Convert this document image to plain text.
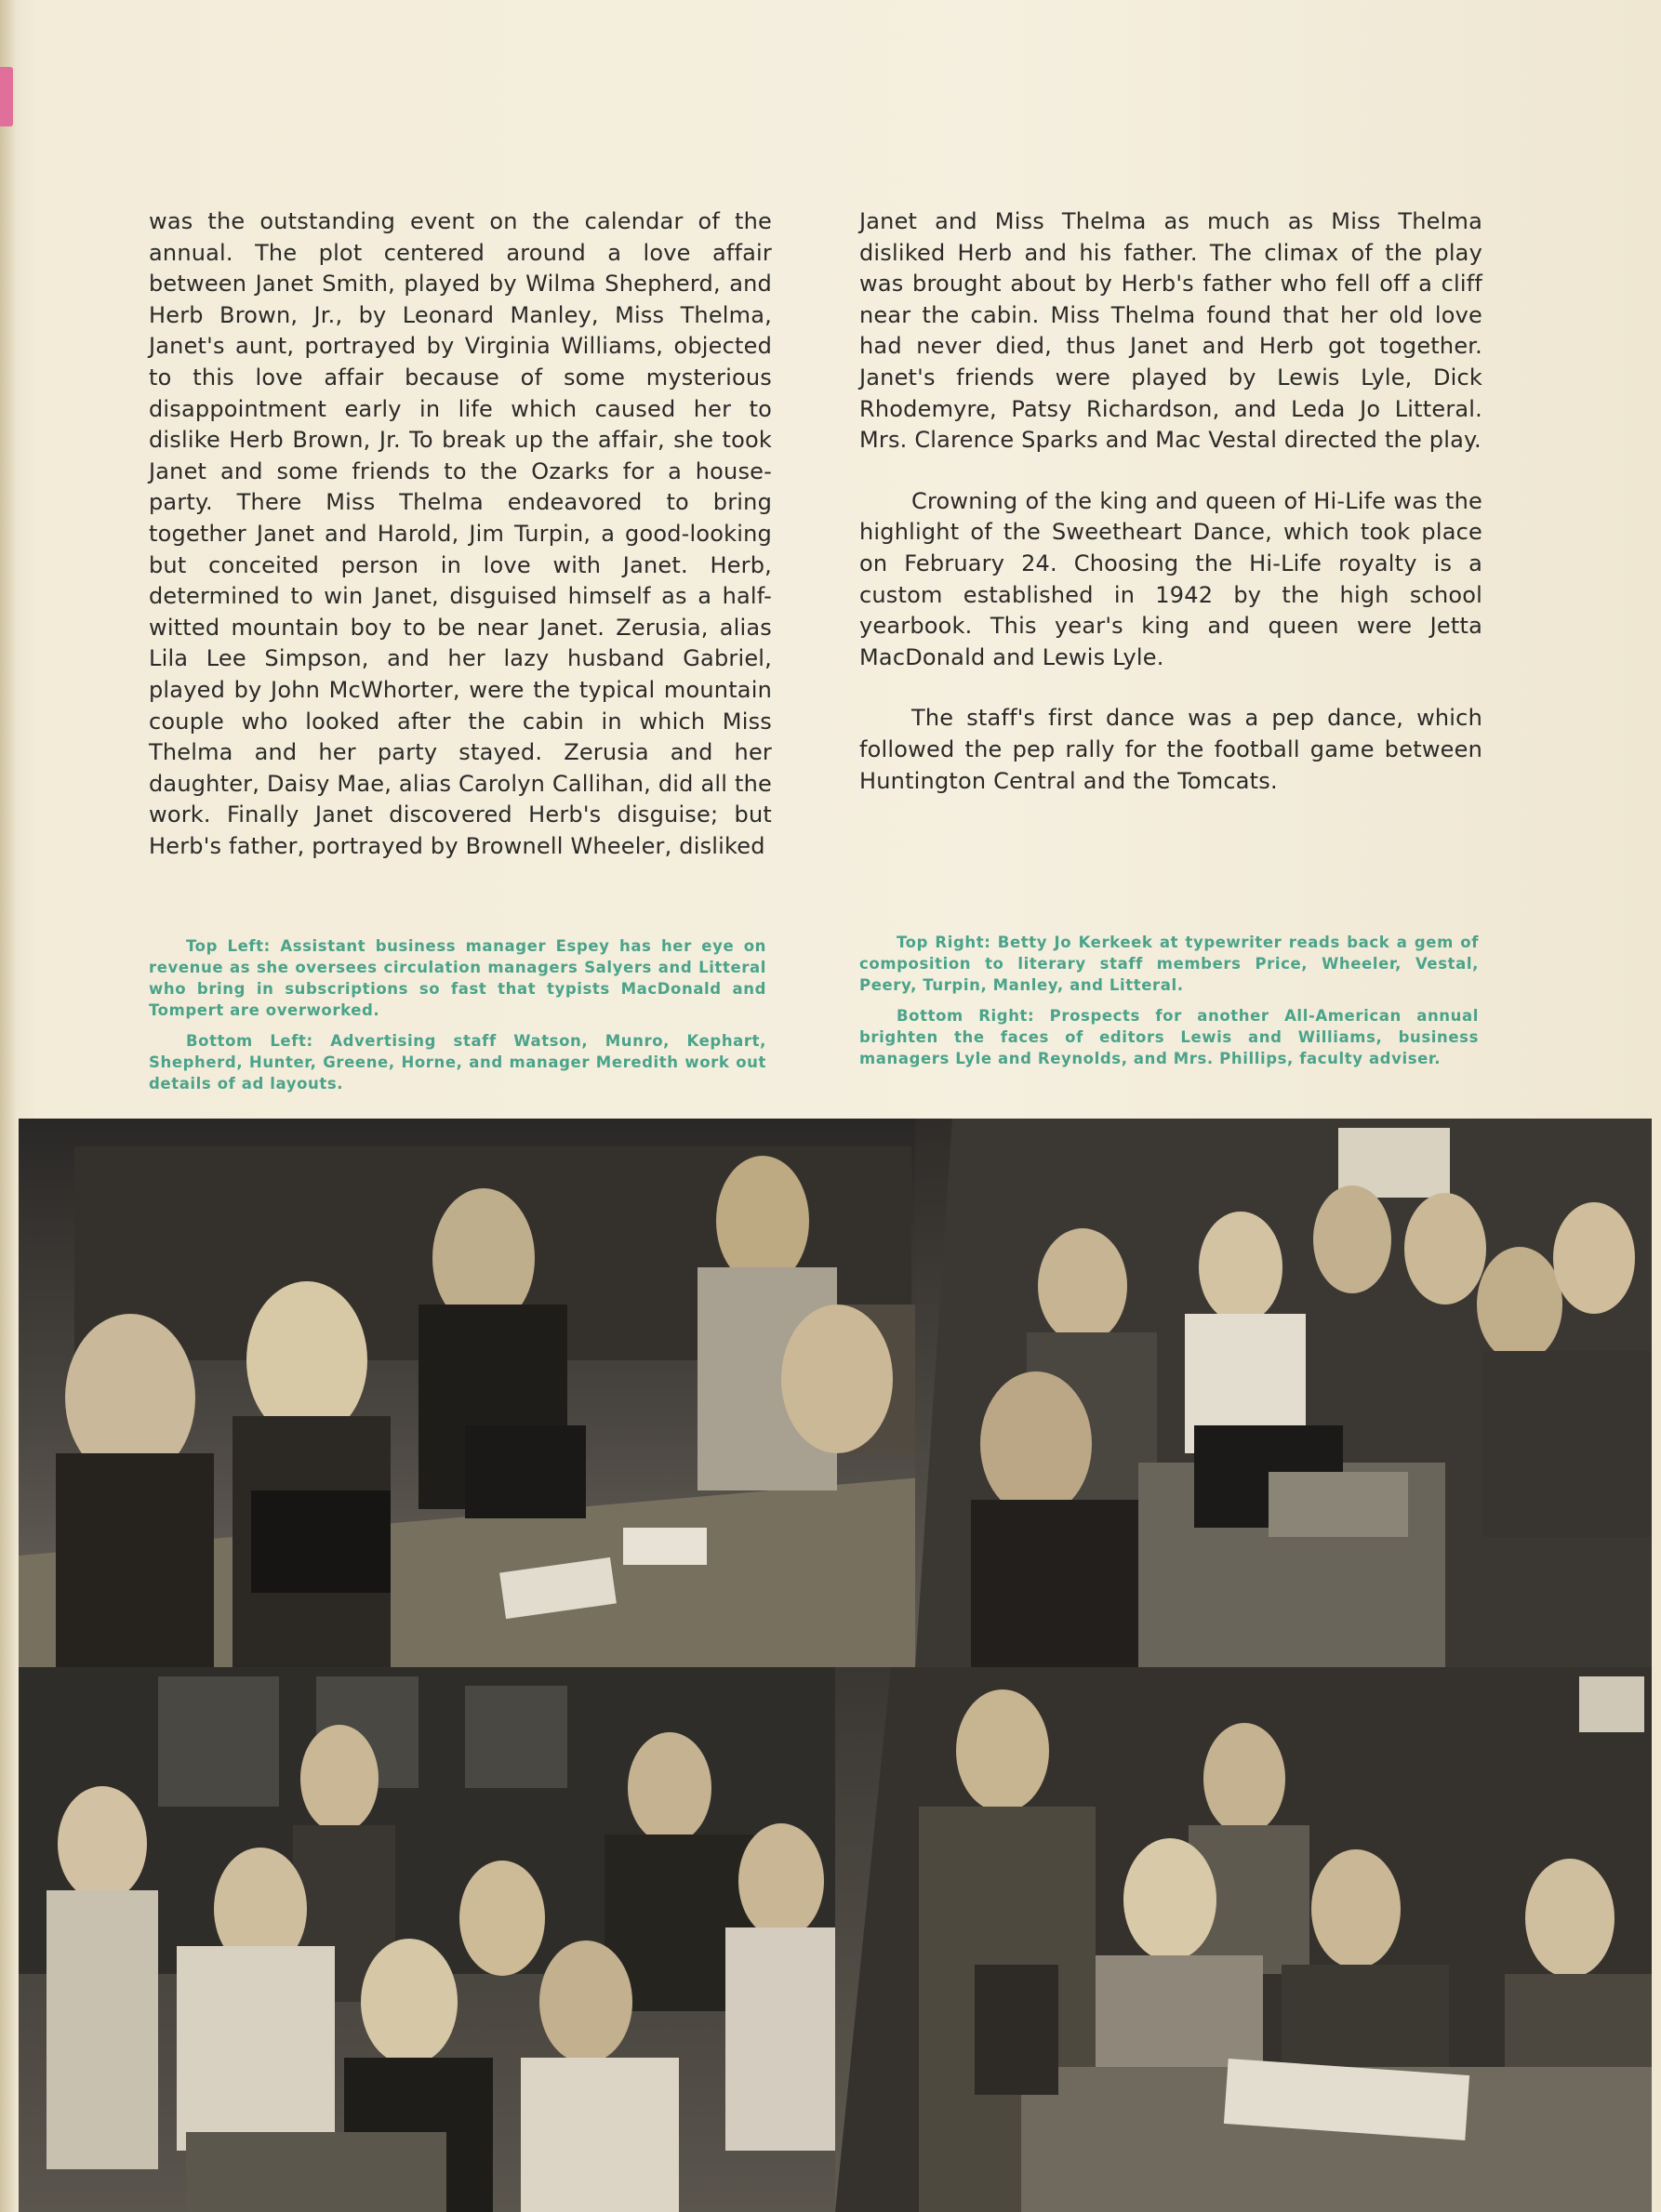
was the outstanding event on the calendar of the annual. The plot centered around a love affair between Janet Smith, played by Wilma Shepherd, and Herb Brown, Jr., by Leonard Manley, Miss Thelma, Janet's aunt, portrayed by Virginia Williams, objected to this love affair because of some mysterious disappointment early in life which caused her to dislike Herb Brown, Jr. To break up the affair, she took Janet and some friends to the Ozarks for a house-party. There Miss Thelma endeavored to bring together Janet and Harold, Jim Turpin, a good-looking but conceited person in love with Janet. Herb, determined to win Janet, disguised himself as a half-witted mountain boy to be near Janet. Zerusia, alias Lila Lee Simpson, and her lazy husband Gabriel, played by John McWhorter, were the typical mountain couple who looked after the cabin in which Miss Thelma and her party stayed. Zerusia and her daughter, Daisy Mae, alias Carolyn Callihan, did all the work. Finally Janet discovered Herb's disguise; but Herb's father, portrayed by Brownell Wheeler, disliked

Janet and Miss Thelma as much as Miss Thelma disliked Herb and his father. The climax of the play was brought about by Herb's father who fell off a cliff near the cabin. Miss Thelma found that her old love had never died, thus Janet and Herb got together. Janet's friends were played by Lewis Lyle, Dick Rhodemyre, Patsy Richardson, and Leda Jo Litteral. Mrs. Clarence Sparks and Mac Vestal directed the play.

Crowning of the king and queen of Hi-Life was the highlight of the Sweetheart Dance, which took place on February 24. Choosing the Hi-Life royalty is a custom established in 1942 by the high school yearbook. This year's king and queen were Jetta MacDonald and Lewis Lyle.

The staff's first dance was a pep dance, which followed the pep rally for the football game between Huntington Central and the Tomcats.

Top Left: Assistant business manager Espey has her eye on revenue as she oversees circulation managers Salyers and Litteral who bring in subscriptions so fast that typists MacDonald and Tompert are overworked.

Bottom Left: Advertising staff Watson, Munro, Kephart, Shepherd, Hunter, Greene, Horne, and manager Meredith work out details of ad layouts.

Top Right: Betty Jo Kerkeek at typewriter reads back a gem of composition to literary staff members Price, Wheeler, Vestal, Peery, Turpin, Manley, and Litteral.

Bottom Right: Prospects for another All-American annual brighten the faces of editors Lewis and Williams, business managers Lyle and Reynolds, and Mrs. Phillips, faculty adviser.
